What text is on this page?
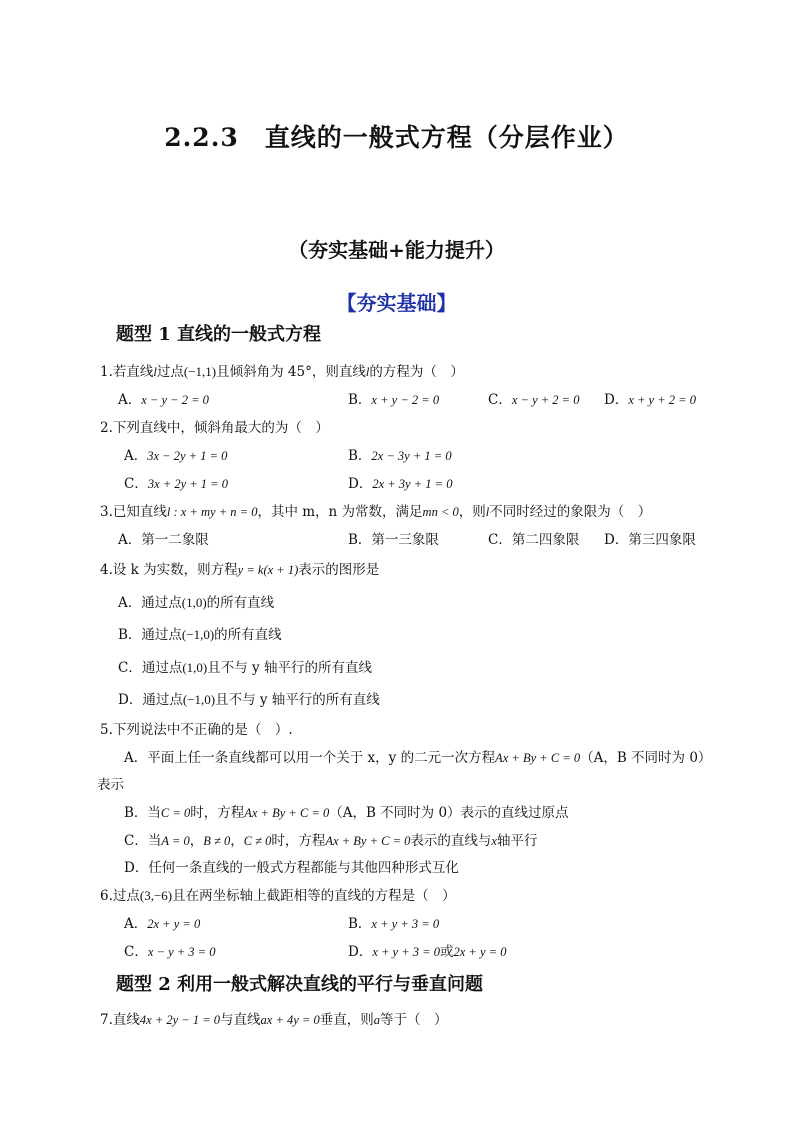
2.2.3　直线的一般式方程（分层作业）
（夯实基础+能力提升）
【夯实基础】
题型 1 直线的一般式方程
1.若直线l过点(−1,1)且倾斜角为 45°，则直线l的方程为（　）
A．x − y − 2 = 0	B．x + y − 2 = 0	C．x − y + 2 = 0 D．x + y + 2 = 0
2.下列直线中，倾斜角最大的为（　）
A．3x − 2y + 1 = 0	B．2x − 3y + 1 = 0
C．3x + 2y + 1 = 0	D．2x + 3y + 1 = 0
3.已知直线l : x + my + n = 0，其中 m，n 为常数，满足mn < 0，则l不同时经过的象限为（　）
A．第一二象限	B．第一三象限	C．第二四象限 D．第三四象限
4.设 k 为实数，则方程y = k(x + 1)表示的图形是
A．通过点(1,0)的所有直线
B．通过点(−1,0)的所有直线
C．通过点(1,0)且不与 y 轴平行的所有直线
D．通过点(−1,0)且不与 y 轴平行的所有直线
5.下列说法中不正确的是（　）.
A．平面上任一条直线都可以用一个关于 x，y 的二元一次方程Ax + By + C = 0（A，B 不同时为 0）
表示
B．当C = 0时，方程Ax + By + C = 0（A，B 不同时为 0）表示的直线过原点
C．当A = 0，B ≠ 0，C ≠ 0时，方程Ax + By + C = 0表示的直线与x轴平行
D．任何一条直线的一般式方程都能与其他四种形式互化
6.过点(3,−6)且在两坐标轴上截距相等的直线的方程是（　）
A．2x + y = 0	B．x + y + 3 = 0
C．x − y + 3 = 0	D．x + y + 3 = 0或2x + y = 0
题型 2 利用一般式解决直线的平行与垂直问题
7.直线4x + 2y − 1 = 0与直线ax + 4y = 0垂直，则a等于（　）
